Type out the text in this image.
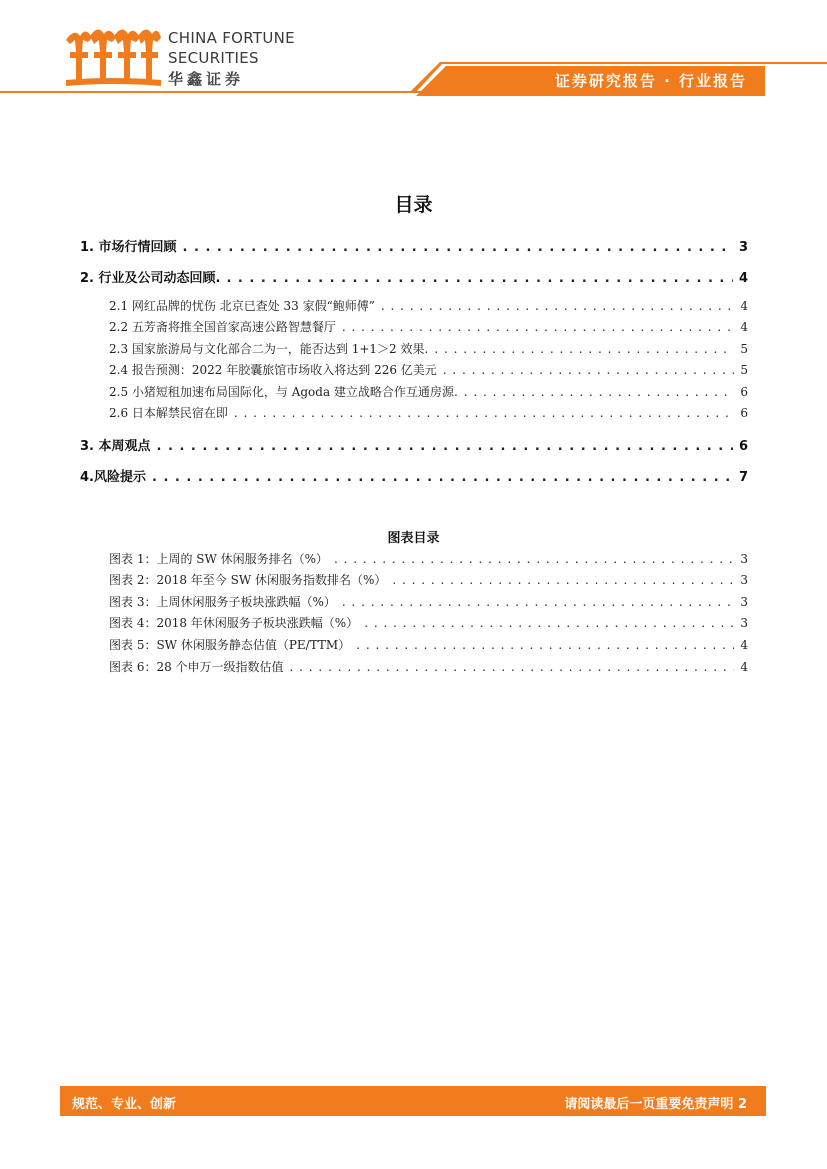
CHINA FORTUNE
SECURITIES
华鑫证券	证券研究报告 · 行业报告
目录
1. 市场行情回顾 . . .	3
2. 行业及公司动态回顾. . . .	4
2.1 网红品牌的忧伤 北京已查处 33 家假“鲍师傅” . . .	4
2.2 五芳斋将推全国首家高速公路智慧餐厅 . . .	4
2.3 国家旅游局与文化部合二为一，能否达到 1+1＞2 效果. . . .	5
2.4 报告预测：2022 年胶囊旅馆市场收入将达到 226 亿美元 . . .	5
2.5 小猪短租加速布局国际化，与 Agoda 建立战略合作互通房源. . . .	6
2.6 日本解禁民宿在即 . . .	6
3. 本周观点 . . .	6
4.风险提示 . . .	7
图表目录
图表 1：上周的 SW 休闲服务排名（%） . . .	3
图表 2：2018 年至今 SW 休闲服务指数排名（%） . . .	3
图表 3：上周休闲服务子板块涨跌幅（%） . . .	3
图表 4：2018 年休闲服务子板块涨跌幅（%） . . .	3
图表 5：SW 休闲服务静态估值（PE/TTM） . . .	4
图表 6：28 个申万一级指数估值 . . .	4
规范、专业、创新	请阅读最后一页重要免责声明 2
